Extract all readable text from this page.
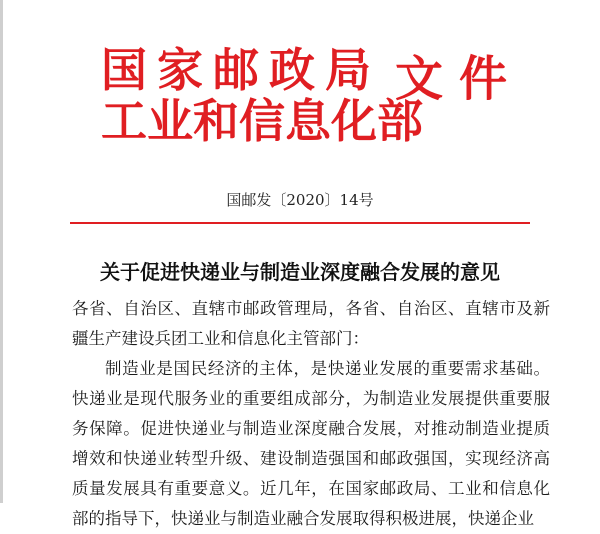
国家邮政局
工业和信息化部
文件
国邮发〔2020〕14号
关于促进快递业与制造业深度融合发展的意见

各省、自治区、直辖市邮政管理局，各省、自治区、直辖市及新疆生产建设兵团工业和信息化主管部门：

制造业是国民经济的主体，是快递业发展的重要需求基础。快递业是现代服务业的重要组成部分，为制造业发展提供重要服务保障。促进快递业与制造业深度融合发展，对推动制造业提质增效和快递业转型升级、建设制造强国和邮政强国，实现经济高质量发展具有重要意义。近几年，在国家邮政局、工业和信息化部的指导下，快递业与制造业融合发展取得积极进展，快递企业
